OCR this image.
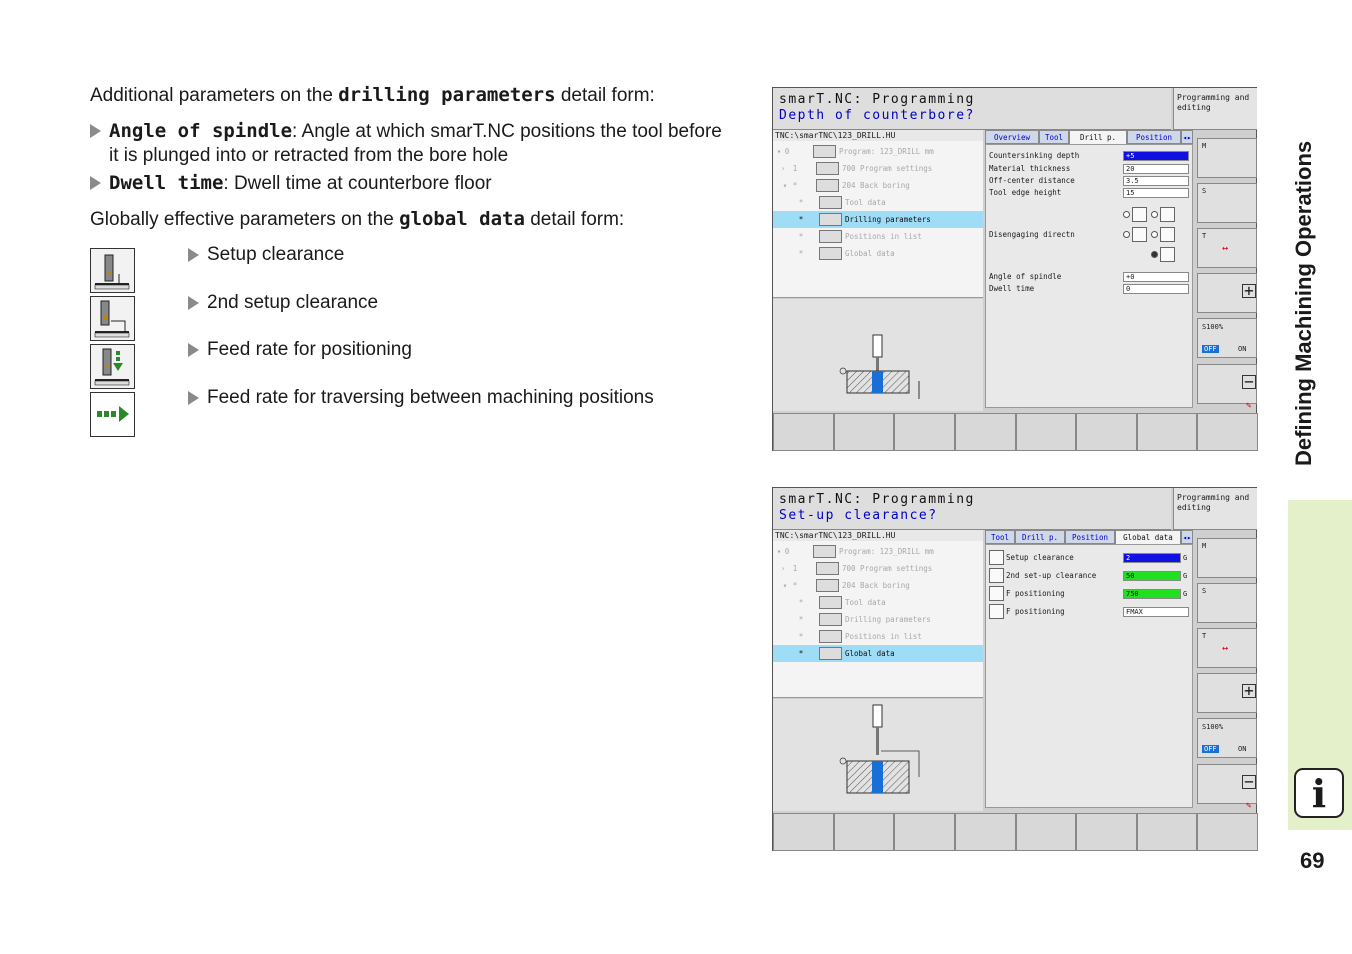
Additional parameters on the drilling parameters detail form:
Angle of spindle: Angle at which smarT.NC positions the tool before
it is plunged into or retracted from the bore hole
Dwell time: Dwell time at counterbore floor
Globally effective parameters on the global data detail form:
Setup clearance
2nd setup clearance
Feed rate for positioning
Feed rate for traversing between machining positions	Defining Machining Operations
i
69
smarT.NC: Programming
Depth of counterbore?
Programming and editing
TNC:\smarTNC\123_DRILL.HU
▾ 0	Program: 123_DRILL mm
› 1	700 Program settings
▾ *	204 Back boring
*	Tool data
*	Drilling parameters
*	Positions in list
*	Global data
Overview	Tool	Drill p.	Position	◂▸
Countersinking depth	+5
Material thickness	20
Off-center distance	3.5
Tool edge height	15
Disengaging directn
Angle of spindle	+0
Dwell time	0
M
S
T
↔
+
S100%
OFF	ON
−
✎
smarT.NC: Programming
Set-up clearance?
Programming and editing
TNC:\smarTNC\123_DRILL.HU
▾ 0	Program: 123_DRILL mm
› 1	700 Program settings
▾ *	204 Back boring
*	Tool data
*	Drilling parameters
*	Positions in list
*	Global data
Tool	Drill p.	Position	Global data	◂▸
Setup clearance	2	G
2nd set-up clearance	50	G
F positioning	750	G
F positioning	FMAX
M
S
T
↔
+
S100%
OFF	ON
−
✎
